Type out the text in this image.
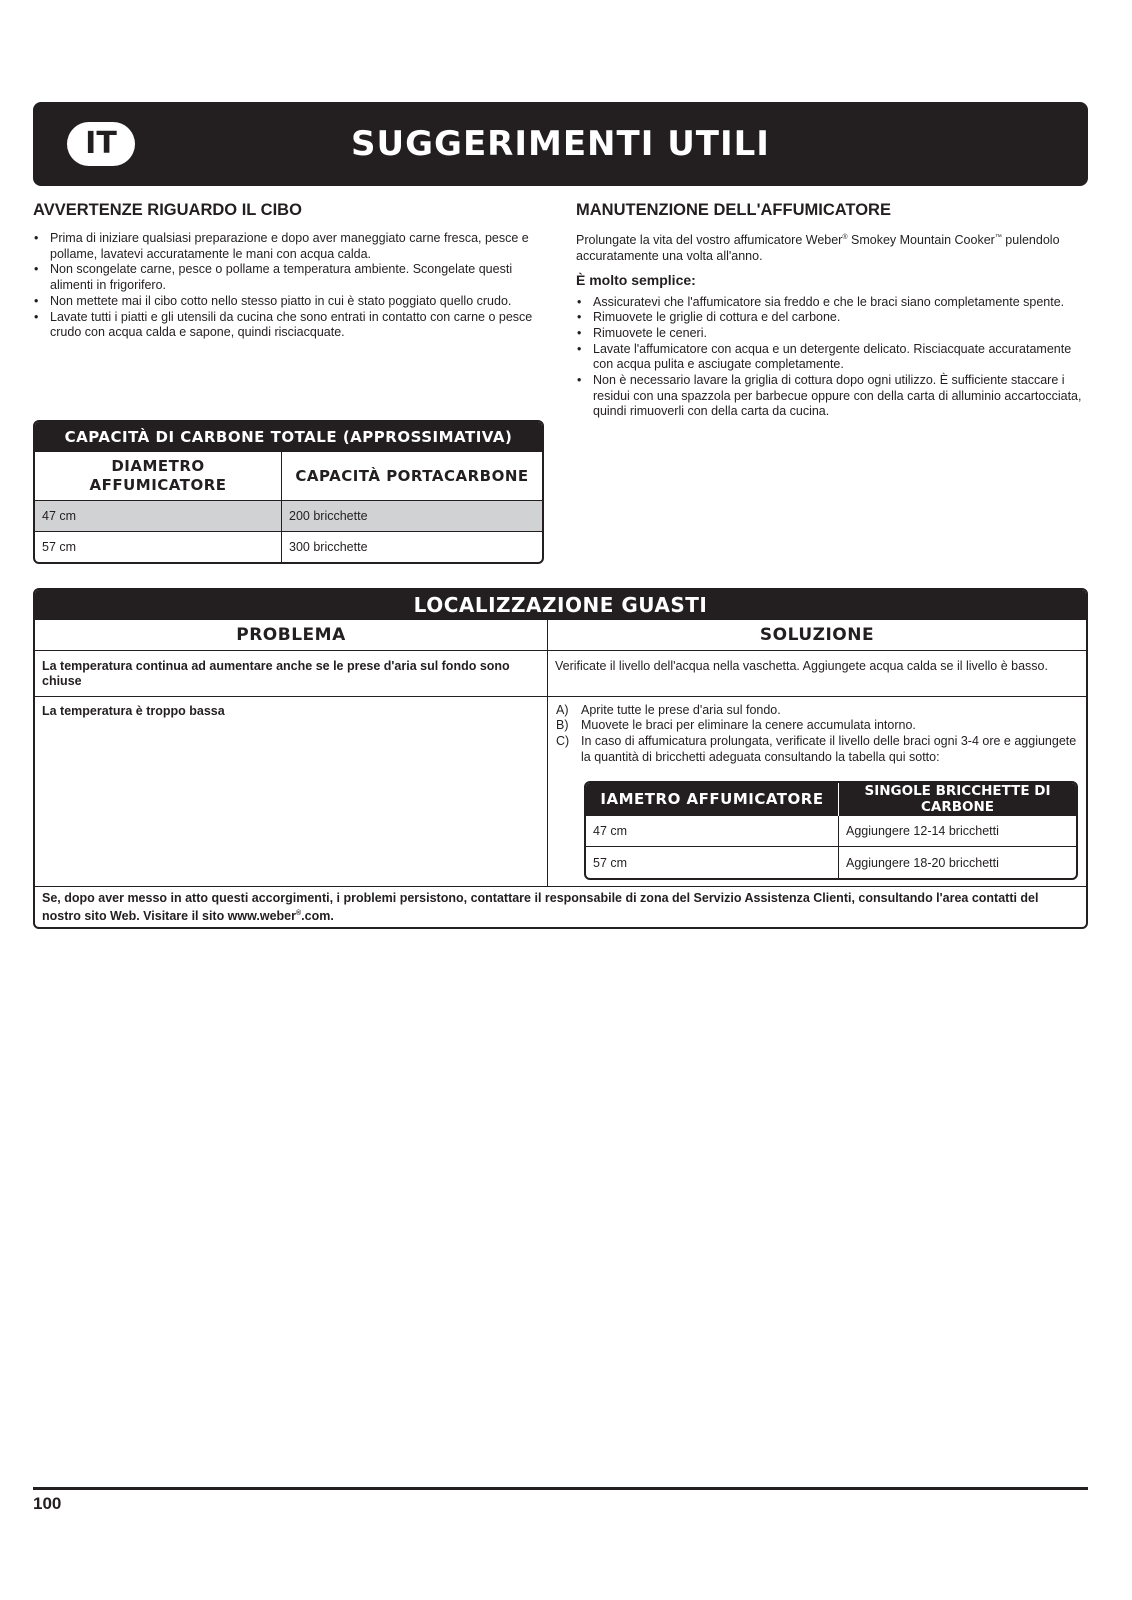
IT	SUGGERIMENTI UTILI
AVVERTENZE RIGUARDO IL CIBO
• Prima di iniziare qualsiasi preparazione e dopo aver maneggiato carne fresca, pesce e pollame, lavatevi accuratamente le mani con acqua calda.
• Non scongelate carne, pesce o pollame a temperatura ambiente. Scongelate questi alimenti in frigorifero.
• Non mettete mai il cibo cotto nello stesso piatto in cui è stato poggiato quello crudo.
• Lavate tutti i piatti e gli utensili da cucina che sono entrati in contatto con carne o pesce crudo con acqua calda e sapone, quindi risciacquate.
MANUTENZIONE DELL'AFFUMICATORE
Prolungate la vita del vostro affumicatore Weber® Smokey Mountain Cooker™ pulendolo accuratamente una volta all'anno.
È molto semplice:
• Assicuratevi che l'affumicatore sia freddo e che le braci siano completamente spente.
• Rimuovete le griglie di cottura e del carbone.
• Rimuovete le ceneri.
• Lavate l'affumicatore con acqua e un detergente delicato. Risciacquate accuratamente con acqua pulita e asciugate completamente.
• Non è necessario lavare la griglia di cottura dopo ogni utilizzo. È sufficiente staccare i residui con una spazzola per barbecue oppure con della carta di alluminio accartocciata, quindi rimuoverli con della carta da cucina.
CAPACITÀ DI CARBONE TOTALE (APPROSSIMATIVA)
DIAMETRO AFFUMICATORE	CAPACITÀ PORTACARBONE
47 cm	200 bricchette
57 cm	300 bricchette
LOCALIZZAZIONE GUASTI
PROBLEMA	SOLUZIONE
La temperatura continua ad aumentare anche se le prese d'aria sul fondo sono chiuse	Verificate il livello dell'acqua nella vaschetta. Aggiungete acqua calda se il livello è basso.
La temperatura è troppo bassa	A)	Aprite tutte le prese d'aria sul fondo.
B)	Muovete le braci per eliminare la cenere accumulata intorno.
C) In caso di affumicatura prolungata, verificate il livello delle braci ogni 3-4 ore e aggiungete la quantità di bricchetti adeguata consultando la tabella qui sotto:
IAMETRO AFFUMICATORE	SINGOLE BRICCHETTE DI CARBONE
47 cm	Aggiungere 12-14 bricchetti
57 cm	Aggiungere 18-20 bricchetti

Se, dopo aver messo in atto questi accorgimenti, i problemi persistono, contattare il responsabile di zona del Servizio Assistenza Clienti, consultando l'area contatti del nostro sito Web. Visitare il sito www.weber®.com.
100
